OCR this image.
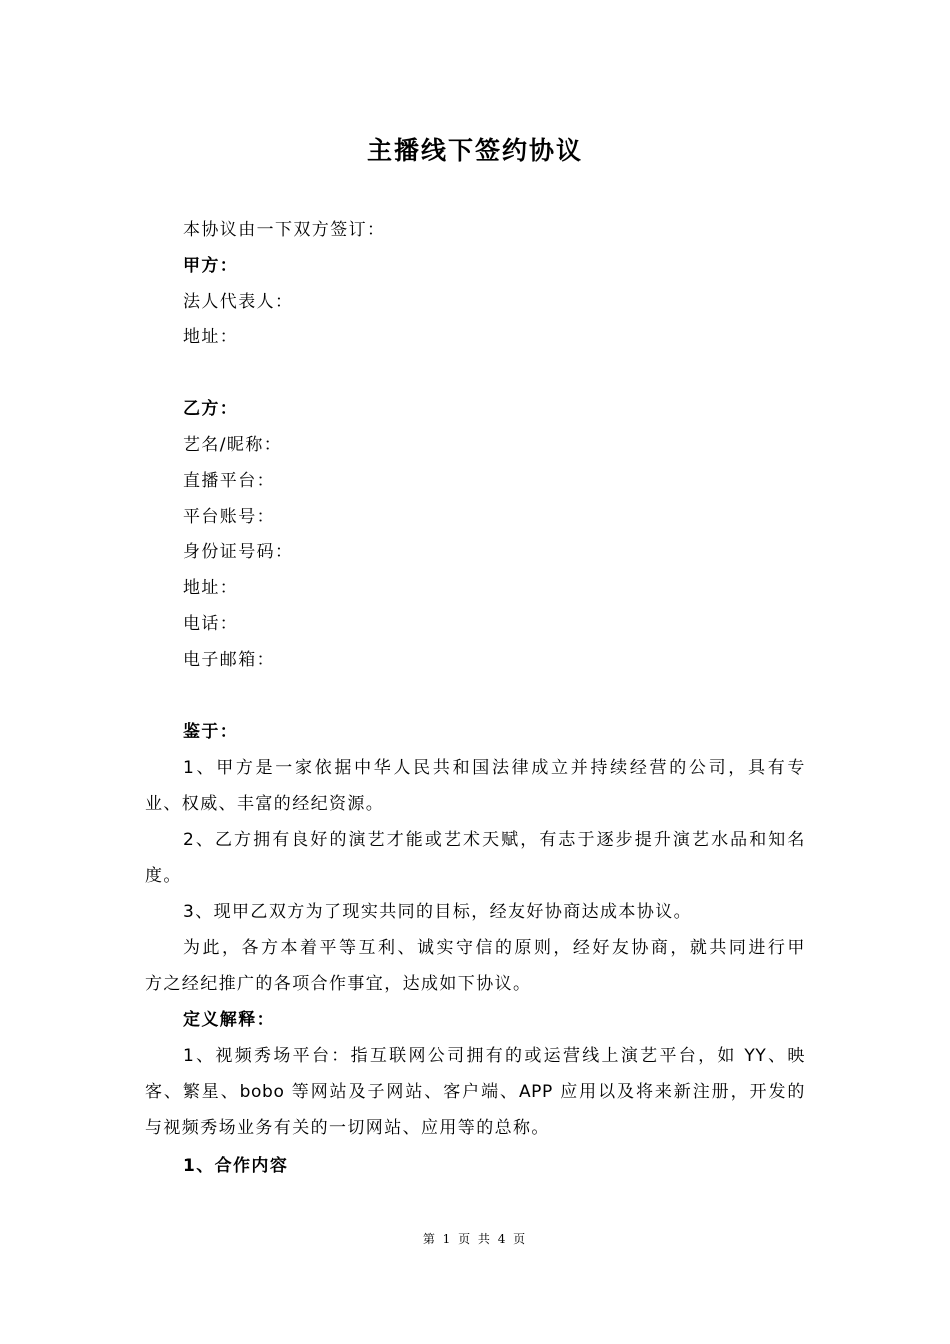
主播线下签约协议
本协议由一下双方签订：
甲方：
法人代表人：
地址：
乙方：
艺名/昵称：
直播平台：
平台账号：
身份证号码：
地址：
电话：
电子邮箱：
鉴于：
1、甲方是一家依据中华人民共和国法律成立并持续经营的公司，具有专
业、权威、丰富的经纪资源。
2、乙方拥有良好的演艺才能或艺术天赋，有志于逐步提升演艺水品和知名
度。
3、现甲乙双方为了现实共同的目标，经友好协商达成本协议。
为此，各方本着平等互利、诚实守信的原则，经好友协商，就共同进行甲
方之经纪推广的各项合作事宜，达成如下协议。
定义解释：
1、视频秀场平台：指互联网公司拥有的或运营线上演艺平台，如 YY、映
客、繁星、bobo 等网站及子网站、客户端、APP 应用以及将来新注册，开发的
与视频秀场业务有关的一切网站、应用等的总称。
1、合作内容
第 1 页 共 4 页
